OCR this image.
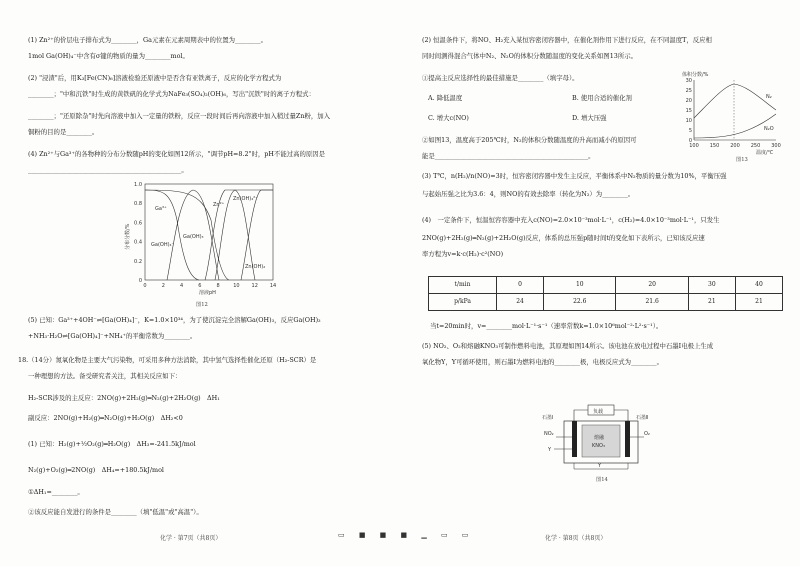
(1) Zn²⁺的价层电子排布式为________，Ga元素在元素周期表中的位置为________。
1mol Ga(OH)₄⁻中含有σ键的物质的量为________mol。
(2) "浸渣"后，用K₃[Fe(CN)₆]溶液检验还原液中是否含有亚铁离子，反应的化学方程式为
________；"中和沉铁"时生成的黄铁矾的化学式为NaFe₃(SO₄)₂(OH)₆，写出"沉铁"时的离子方程式：
________；"还原除杂"时先向溶液中加入一定量的铁粉，反应一段时间后再向溶液中加入稍过量Zn粉，加入
铜粉的目的是________。
(4) Zn²⁺与Ga³⁺的各物种的分布分数随pH的变化如图12所示，"调节pH=8.2"时，pH不能过高的原因是
________________________________________________。
Ga³⁺
Zn(OH)₄²⁻
Zn²⁺
Ga(OH)₃
Ga(OH)₄⁻
Zn(OH)₂
分布分数/%
溶液pH
0	2	4	6	8	10 12 14
0
0.2
0.4
0.6
0.8
1.0
图12
(5) 已知：Ga³⁺+4OH⁻⇌[Ga(OH)₄]⁻，K=1.0×10³⁴，为了使沉淀完全溶解Ga(OH)₃，反应Ga(OH)₃
+NH₃·H₂O⇌[Ga(OH)₄]⁻+NH₄⁺的平衡常数为________。
18.（14分）氮氧化物是主要大气污染物，可采用多种方法消除，其中氢气选择性催化还原（H₂-SCR）是
一种理想的方法。备受研究者关注，其相关反应如下：
H₂-SCR涉及的主反应：2NO(g)+2H₂(g)═N₂(g)+2H₂O(g)　ΔH₁
副反应：2NO(g)+H₂(g)═N₂O(g)+H₂O(g)　ΔH₂<0
(1) 已知：H₂(g)+½O₂(g)═H₂O(g)　ΔH₃=-241.5kJ/mol
N₂(g)+O₂(g)═2NO(g)　ΔH₄=+180.5kJ/mol
①ΔH₁=________。
②该反应能自发进行的条件是________（填"低温"或"高温"）。
化学 · 第7页（共8页）	▭ ■ ■ ■ ▁ ▭ ▭
(2) 恒温条件下，将NO、H₂充入某恒容密闭容器中，在催化剂作用下进行反应，在不同温度T，反应相
同时间测得混合气体中N₂、N₂O的体积分数随温度的变化关系如图13所示。
①提高主反应选择性的最佳措施是________（填字母）。
A. 降低温度	B. 使用合适的催化剂
C. 增大c(NO)	D. 增大压强
②如图13，温度高于205℃时，N₂的体积分数随温度的升高而减小的原因可
能是________________________________________________。
体积分数/%
N₂
N₂O
100 150 200 250 300
0
5
10
15
20
25
30
温度/℃
图13
(3) T℃，n(H₂)/n(NO)=3时，恒容密闭容器中发生主反应，平衡体系中N₂物质的量分数为10%，平衡压强
与起始压强之比为3.6：4，则NO的有效去除率（转化为N₂）为________。
(4)　一定条件下，恒温恒容容器中充入c(NO)=2.0×10⁻³mol·L⁻¹，c(H₂)=4.0×10⁻³mol·L⁻¹，只发生
2NO(g)+2H₂(g)═N₂(g)+2H₂O(g)反应，体系的总压强p随时间t的变化如下表所示，已知该反应速
率方程为v=k·c(H₂)·c²(NO)
t/min	0	10	20	30	40
p/kPa	24	22.6	21.6	21	21
当t=20min时，v=________mol·L⁻¹·s⁻¹（速率常数k=1.0×10⁶mol⁻²·L²·s⁻¹）。
(5) NO₂、O₂和熔融KNO₃可制作燃料电池，其原理如图14所示。该电池在放电过程中石墨Ⅰ电极上生成
氧化物Y，Y可循环使用，则石墨Ⅰ为燃料电池的________极，电极反应式为________。
负载
石墨Ⅰ	石墨Ⅱ
熔融
KNO₃
NO₂	O₂
Y
Y
图14
化学 · 第8页（共8页）
